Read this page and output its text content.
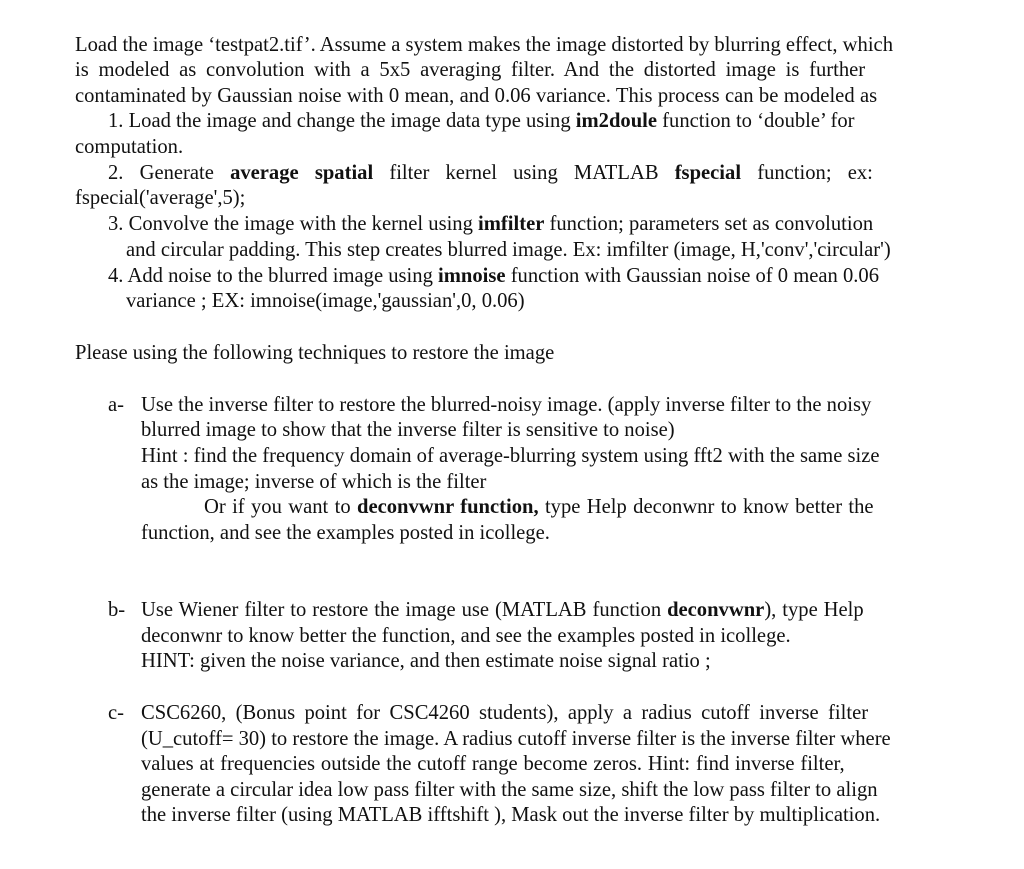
Load the image ‘testpat2.tif’. Assume a system makes the image distorted by blurring effect, which
is modeled as convolution with a 5x5 averaging filter. And the distorted image is further
contaminated by Gaussian noise with 0 mean, and 0.06 variance. This process can be modeled as
1. Load the image and change the image data type using im2doule function to ‘double’ for
computation.
2. Generate average spatial filter kernel using MATLAB fspecial function; ex:
fspecial('average',5);
3. Convolve the image with the kernel using imfilter function; parameters set as convolution
and circular padding. This step creates blurred image. Ex: imfilter (image, H,'conv','circular')
4. Add noise to the blurred image using imnoise function with Gaussian noise of 0 mean 0.06
variance ; EX: imnoise(image,'gaussian',0, 0.06)
Please using the following techniques to restore the image
a- Use the inverse filter to restore the blurred-noisy image. (apply inverse filter to the noisy
blurred image to show that the inverse filter is sensitive to noise)
Hint : find the frequency domain of average-blurring system using fft2 with the same size
as the image; inverse of which is the filter
Or if you want to deconvwnr function, type Help deconwnr to know better the
function, and see the examples posted in icollege.
b- Use Wiener filter to restore the image use (MATLAB function deconvwnr), type Help
deconwnr to know better the function, and see the examples posted in icollege.
HINT: given the noise variance, and then estimate noise signal ratio ;
c- CSC6260, (Bonus point for CSC4260 students), apply a radius cutoff inverse filter
(U_cutoff= 30) to restore the image. A radius cutoff inverse filter is the inverse filter where
values at frequencies outside the cutoff range become zeros. Hint: find inverse filter,
generate a circular idea low pass filter with the same size, shift the low pass filter to align
the inverse filter (using MATLAB ifftshift ), Mask out the inverse filter by multiplication.
